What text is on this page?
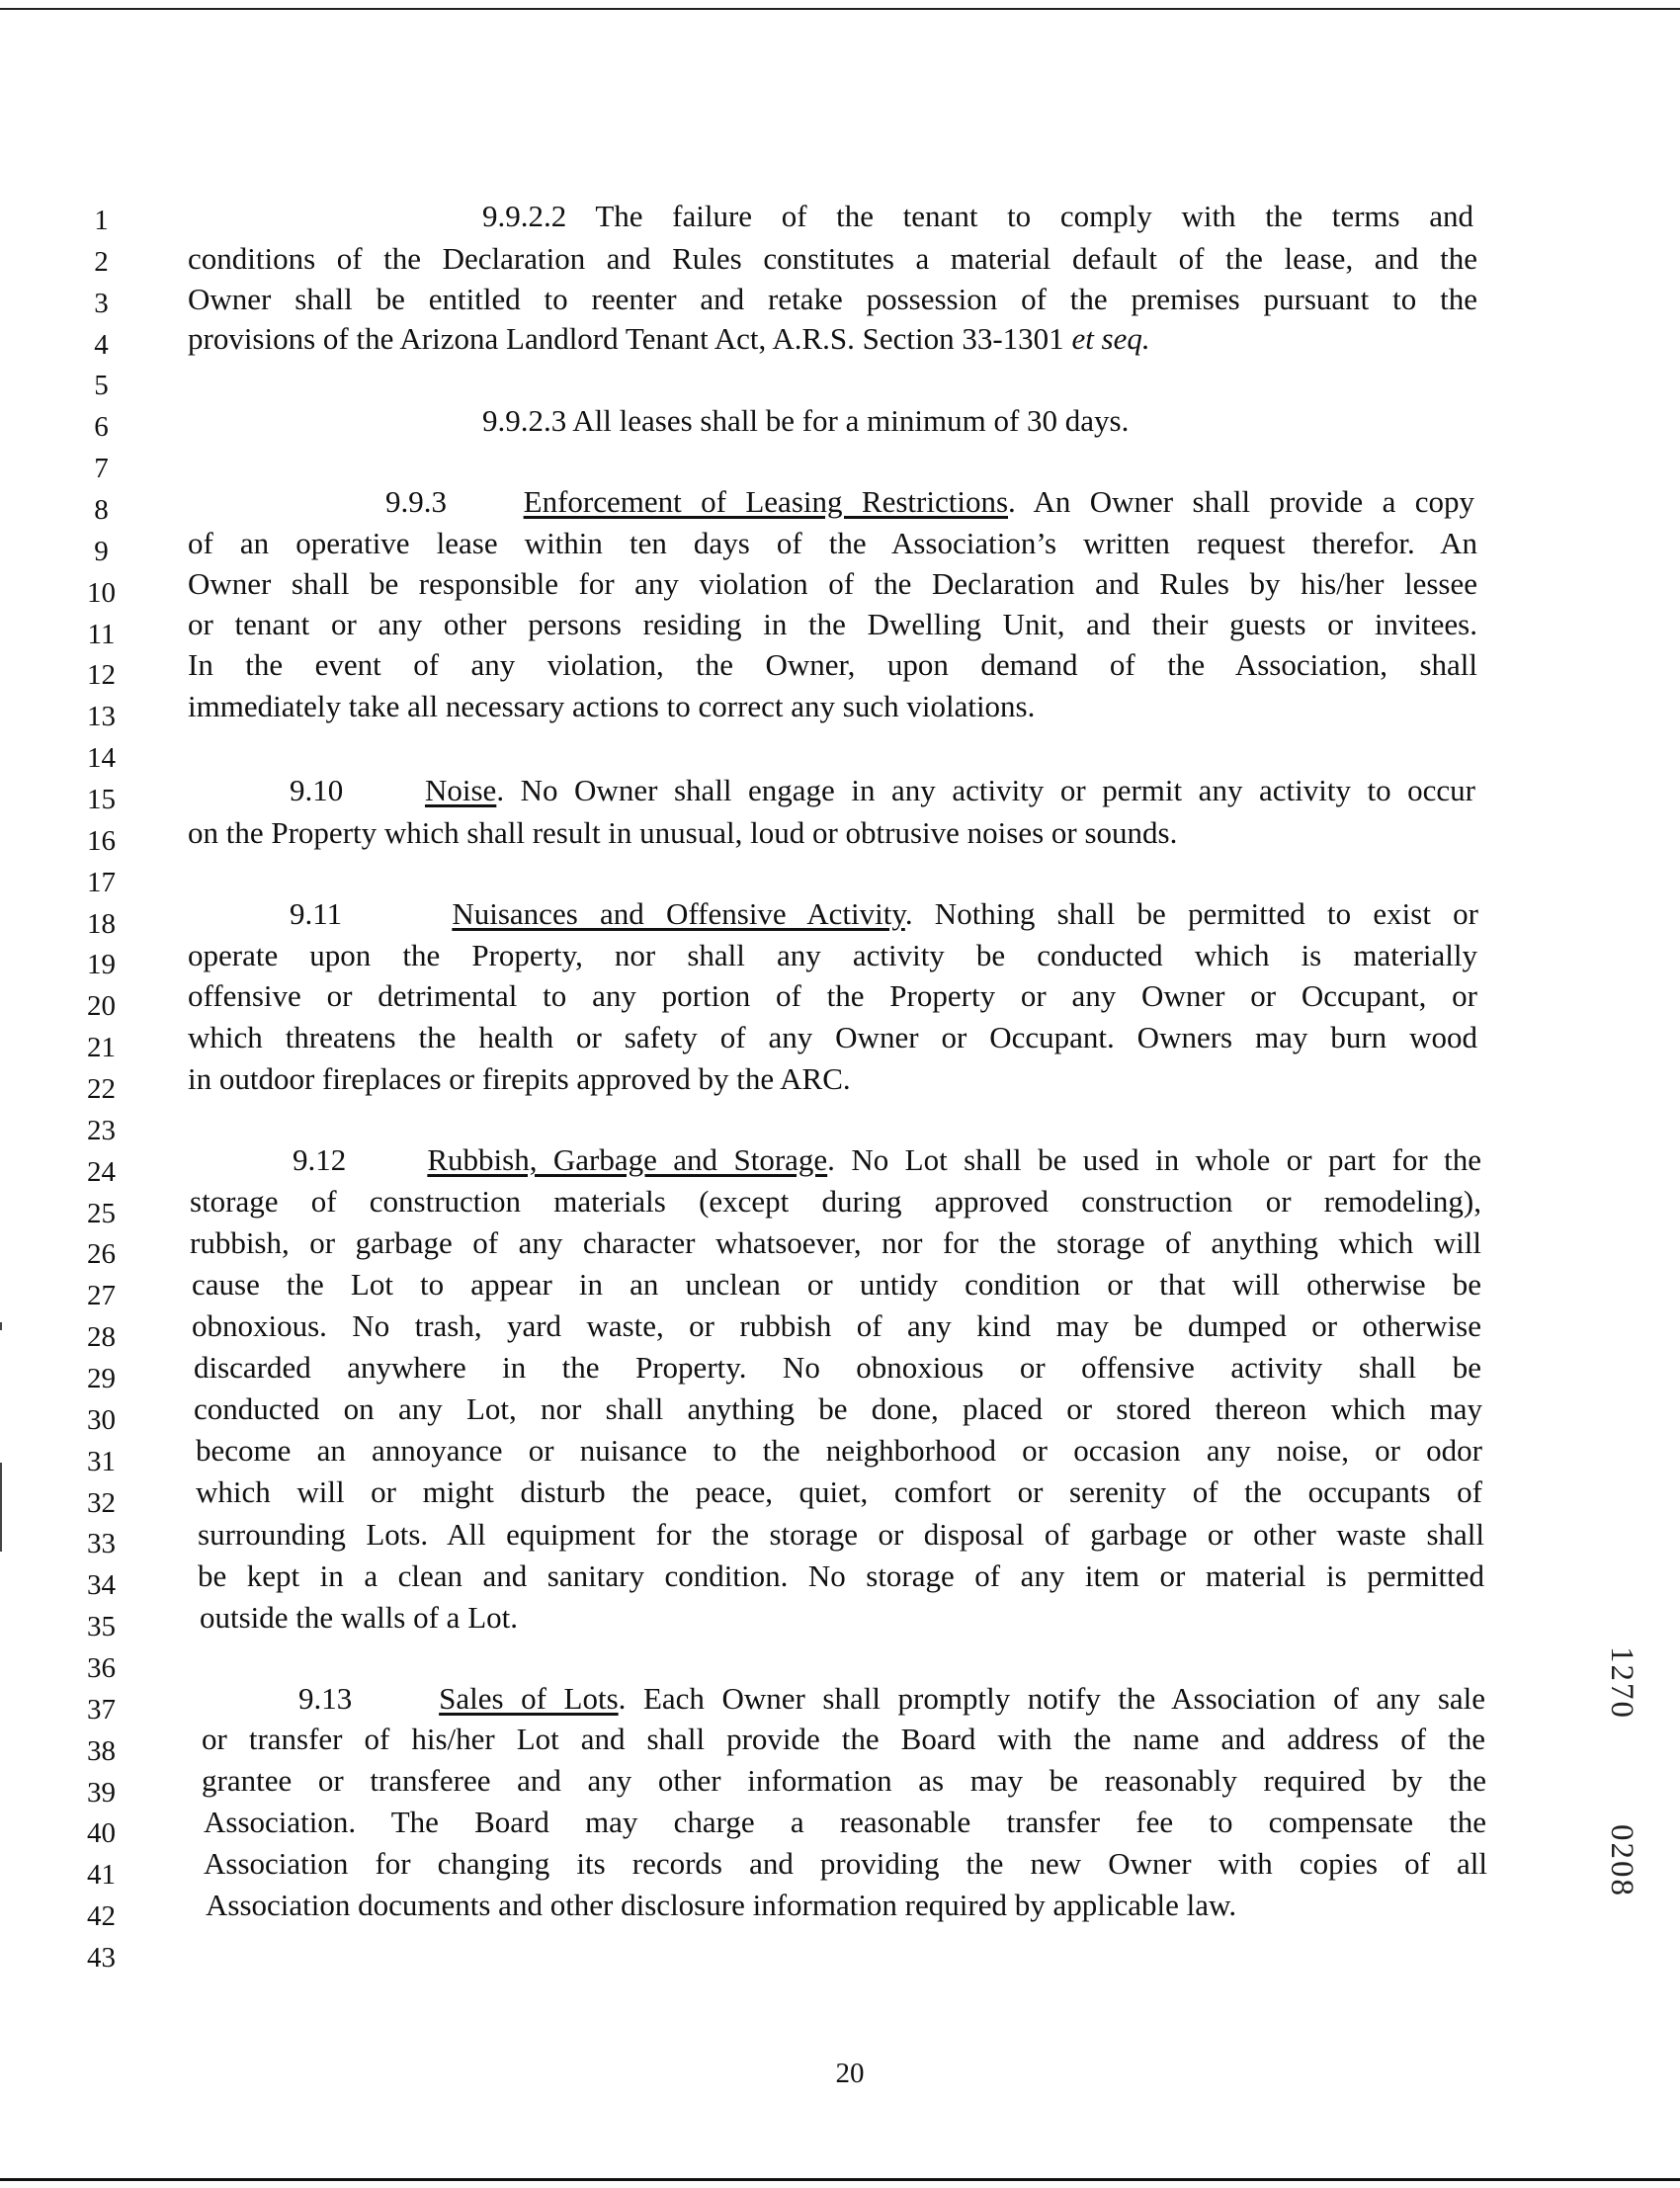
1
2
3
4
5
6
7
8
9
10
11
12
13
14
15
16
17
18
19
20
21
22
23
24
25
26
27
28
29
30
31
32
33
34
35
36
37
38
39
40
41
42
43
9.9.2.2 The failure of the tenant to comply with the terms and
conditions of the Declaration and Rules constitutes a material default of the lease, and the
Owner shall be entitled to reenter and retake possession of the premises pursuant to the
provisions of the Arizona Landlord Tenant Act, A.R.S. Section 33-1301 et seq.
9.9.2.3 All leases shall be for a minimum of 30 days.
9.9.3	Enforcement of Leasing Restrictions. An Owner shall provide a copy
of an operative lease within ten days of the Association’s written request therefor. An
Owner shall be responsible for any violation of the Declaration and Rules by his/her lessee
or tenant or any other persons residing in the Dwelling Unit, and their guests or invitees.
In the event of any violation, the Owner, upon demand of the Association, shall
immediately take all necessary actions to correct any such violations.
9.10	Noise. No Owner shall engage in any activity or permit any activity to occur
on the Property which shall result in unusual, loud or obtrusive noises or sounds.
9.11	Nuisances and Offensive Activity. Nothing shall be permitted to exist or
operate upon the Property, nor shall any activity be conducted which is materially
offensive or detrimental to any portion of the Property or any Owner or Occupant, or
which threatens the health or safety of any Owner or Occupant. Owners may burn wood
in outdoor fireplaces or firepits approved by the ARC.
9.12	Rubbish, Garbage and Storage. No Lot shall be used in whole or part for the
storage of construction materials (except during approved construction or remodeling),
rubbish, or garbage of any character whatsoever, nor for the storage of anything which will
cause the Lot to appear in an unclean or untidy condition or that will otherwise be
obnoxious. No trash, yard waste, or rubbish of any kind may be dumped or otherwise
discarded anywhere in the Property. No obnoxious or offensive activity shall be
conducted on any Lot, nor shall anything be done, placed or stored thereon which may
become an annoyance or nuisance to the neighborhood or occasion any noise, or odor
which will or might disturb the peace, quiet, comfort or serenity of the occupants of
surrounding Lots. All equipment for the storage or disposal of garbage or other waste shall
be kept in a clean and sanitary condition. No storage of any item or material is permitted
outside the walls of a Lot.
9.13	Sales of Lots. Each Owner shall promptly notify the Association of any sale
or transfer of his/her Lot and shall provide the Board with the name and address of the
grantee or transferee and any other information as may be reasonably required by the
Association. The Board may charge a reasonable transfer fee to compensate the
Association for changing its records and providing the new Owner with copies of all
Association documents and other disclosure information required by applicable law.
20

1270

0208
